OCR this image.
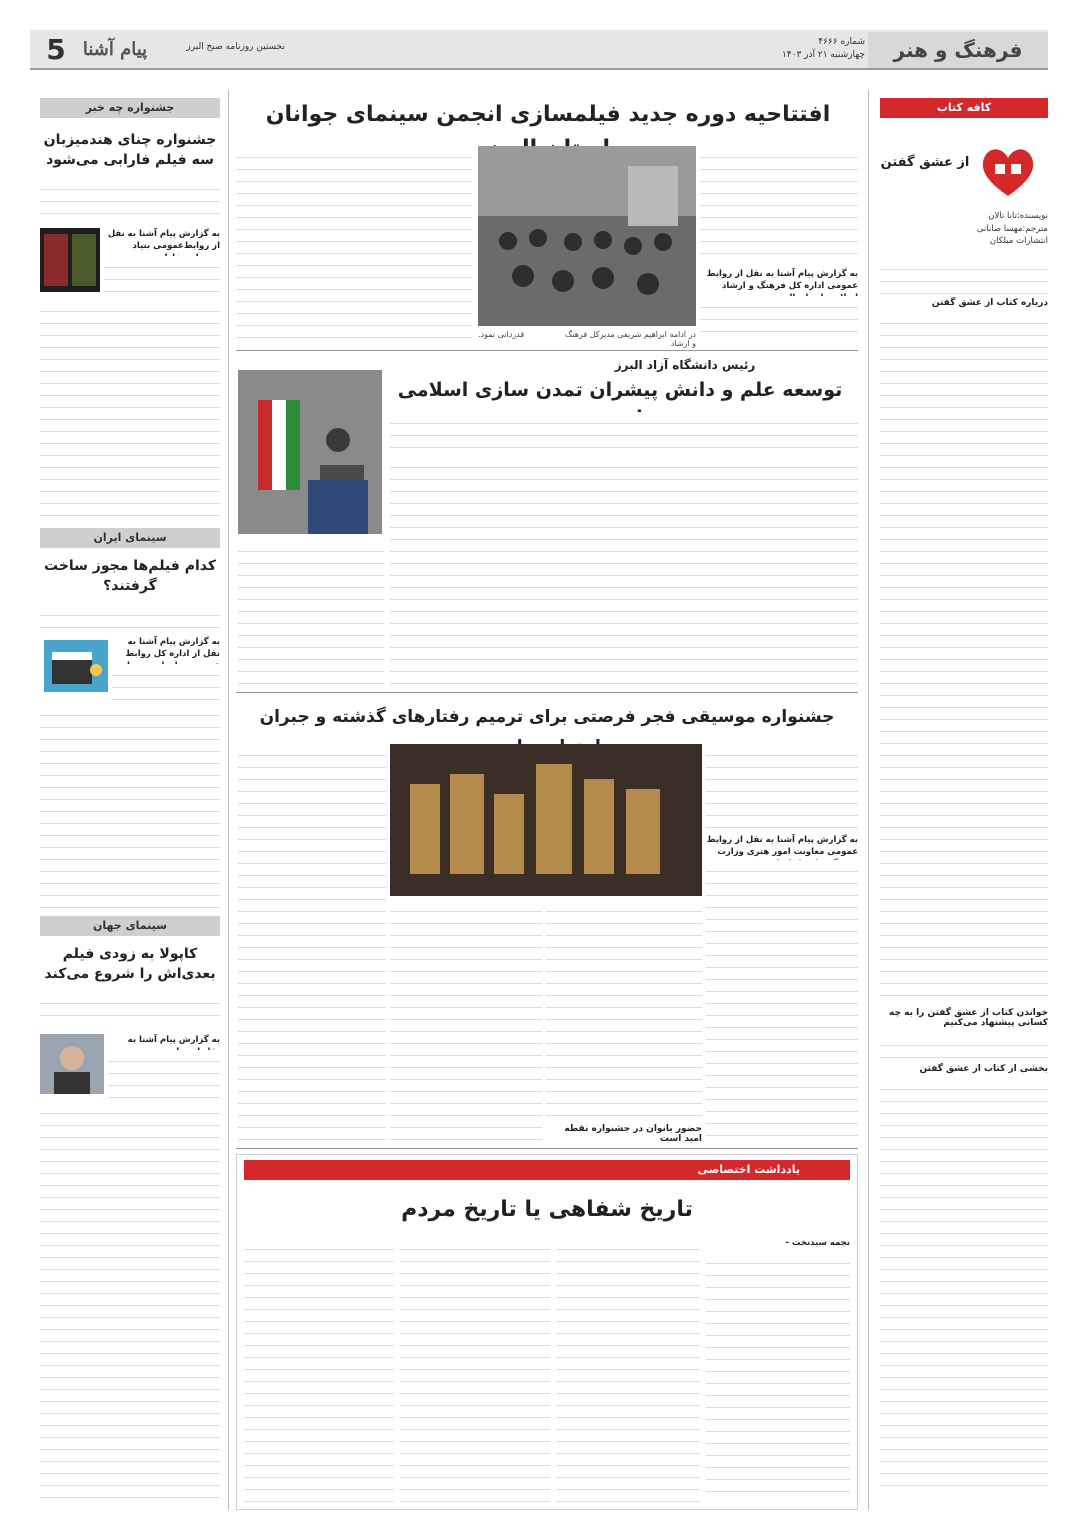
فرهنگ و هنر
شماره ۴۶۶۶
چهارشنبه ۲۱ آذر ۱۴۰۳
نخستین روزنامه صبح البرز
پیام آشنا
5
کافه کتاب
از عشق گفتن
نویسنده:تانا تالان
مترجم:مهسا صابانی
انتشارات میلکان
درباره کتاب از عشق گفتن
خواندن کتاب از عشق گفتن را به چه کسانی پیشنهاد می‌کنیم
بخشی از کتاب از عشق گفتن
افتتاحیه دوره جدید فیلمسازی انجمن سینمای جوانان
به گزارش پیام آشنا به نقل از روابط عمومی اداره کل فرهنگ و ارشاد
قدردانی نمود.	در ادامه ابراهیم شریفی مدیرکل فرهنگ و ارشاد
رئیس دانشگاه آزاد البرز
توسعه علم و دانش پیشران تمدن سازی اسلامی
جشنواره موسیقی فجر فرصتی برای ترمیم رفتارهای گذشته و جبران
به گزارش پیام آشنا به نقل از روابط عمومی معاونت امور هنری وزارت
حضور بانوان در جشنواره نقطه امید است
یادداشت اختصاصی
تاریخ شفاهی یا تاریخ مردم
نجمه سیدنخت -
جشنواره چه خبر
جشنواره چنای هندمیزبان سه فیلم فارابی می‌شود
به گزارش پیام آشنا به نقل از روابط‌عمومی بنیاد
سینمای ایران
کدام فیلم‌ها مجوز ساخت گرفتند؟
به گزارش پیام آشنا به نقل از اداره کل روابط
سینمای جهان
کاپولا به زودی فیلم بعدی‌اش را شروع می‌کند
به گزارش پیام آشنا به
